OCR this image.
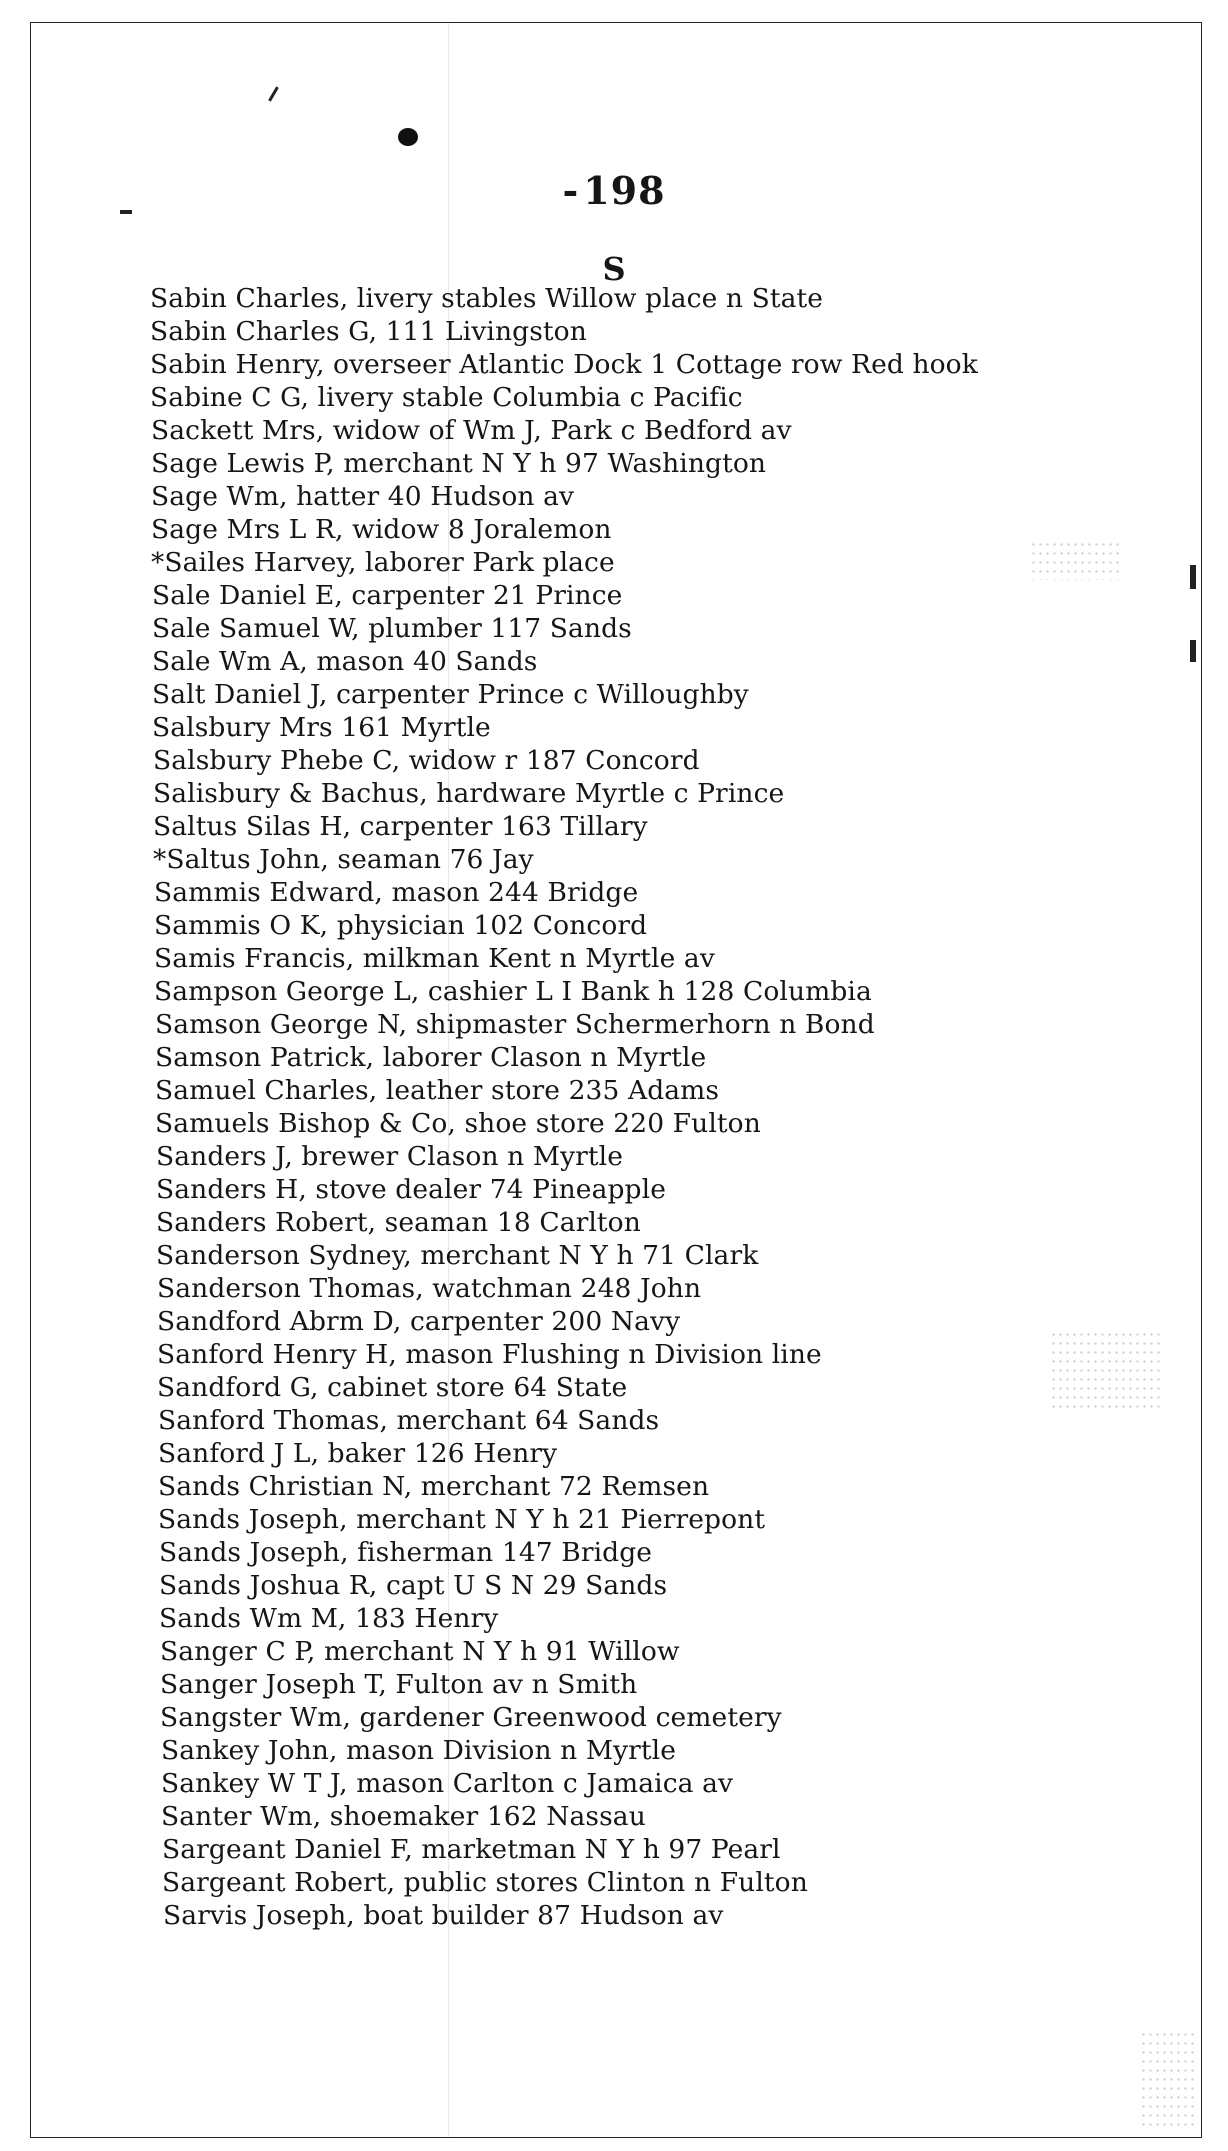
- 198
S
Sabin Charles, livery stables Willow place n State
Sabin Charles G, 111 Livingston
Sabin Henry, overseer Atlantic Dock 1 Cottage row Red hook
Sabine C G, livery stable Columbia c Pacific
Sackett Mrs, widow of Wm J, Park c Bedford av
Sage Lewis P, merchant N Y h 97 Washington
Sage Wm, hatter 40 Hudson av
Sage Mrs L R, widow 8 Joralemon
*Sailes Harvey, laborer Park place
Sale Daniel E, carpenter 21 Prince
Sale Samuel W, plumber 117 Sands
Sale Wm A, mason 40 Sands
Salt Daniel J, carpenter Prince c Willoughby
Salsbury Mrs 161 Myrtle
Salsbury Phebe C, widow r 187 Concord
Salisbury & Bachus, hardware Myrtle c Prince
Saltus Silas H, carpenter 163 Tillary
*Saltus John, seaman 76 Jay
Sammis Edward, mason 244 Bridge
Sammis O K, physician 102 Concord
Samis Francis, milkman Kent n Myrtle av
Sampson George L, cashier L I Bank h 128 Columbia
Samson George N, shipmaster Schermerhorn n Bond
Samson Patrick, laborer Clason n Myrtle
Samuel Charles, leather store 235 Adams
Samuels Bishop & Co, shoe store 220 Fulton
Sanders J, brewer Clason n Myrtle
Sanders H, stove dealer 74 Pineapple
Sanders Robert, seaman 18 Carlton
Sanderson Sydney, merchant N Y h 71 Clark
Sanderson Thomas, watchman 248 John
Sandford Abrm D, carpenter 200 Navy
Sanford Henry H, mason Flushing n Division line
Sandford G, cabinet store 64 State
Sanford Thomas, merchant 64 Sands
Sanford J L, baker 126 Henry
Sands Christian N, merchant 72 Remsen
Sands Joseph, merchant N Y h 21 Pierrepont
Sands Joseph, fisherman 147 Bridge
Sands Joshua R, capt U S N 29 Sands
Sands Wm M, 183 Henry
Sanger C P, merchant N Y h 91 Willow
Sanger Joseph T, Fulton av n Smith
Sangster Wm, gardener Greenwood cemetery
Sankey John, mason Division n Myrtle
Sankey W T J, mason Carlton c Jamaica av
Santer Wm, shoemaker 162 Nassau
Sargeant Daniel F, marketman N Y h 97 Pearl
Sargeant Robert, public stores Clinton n Fulton
Sarvis Joseph, boat builder 87 Hudson av
